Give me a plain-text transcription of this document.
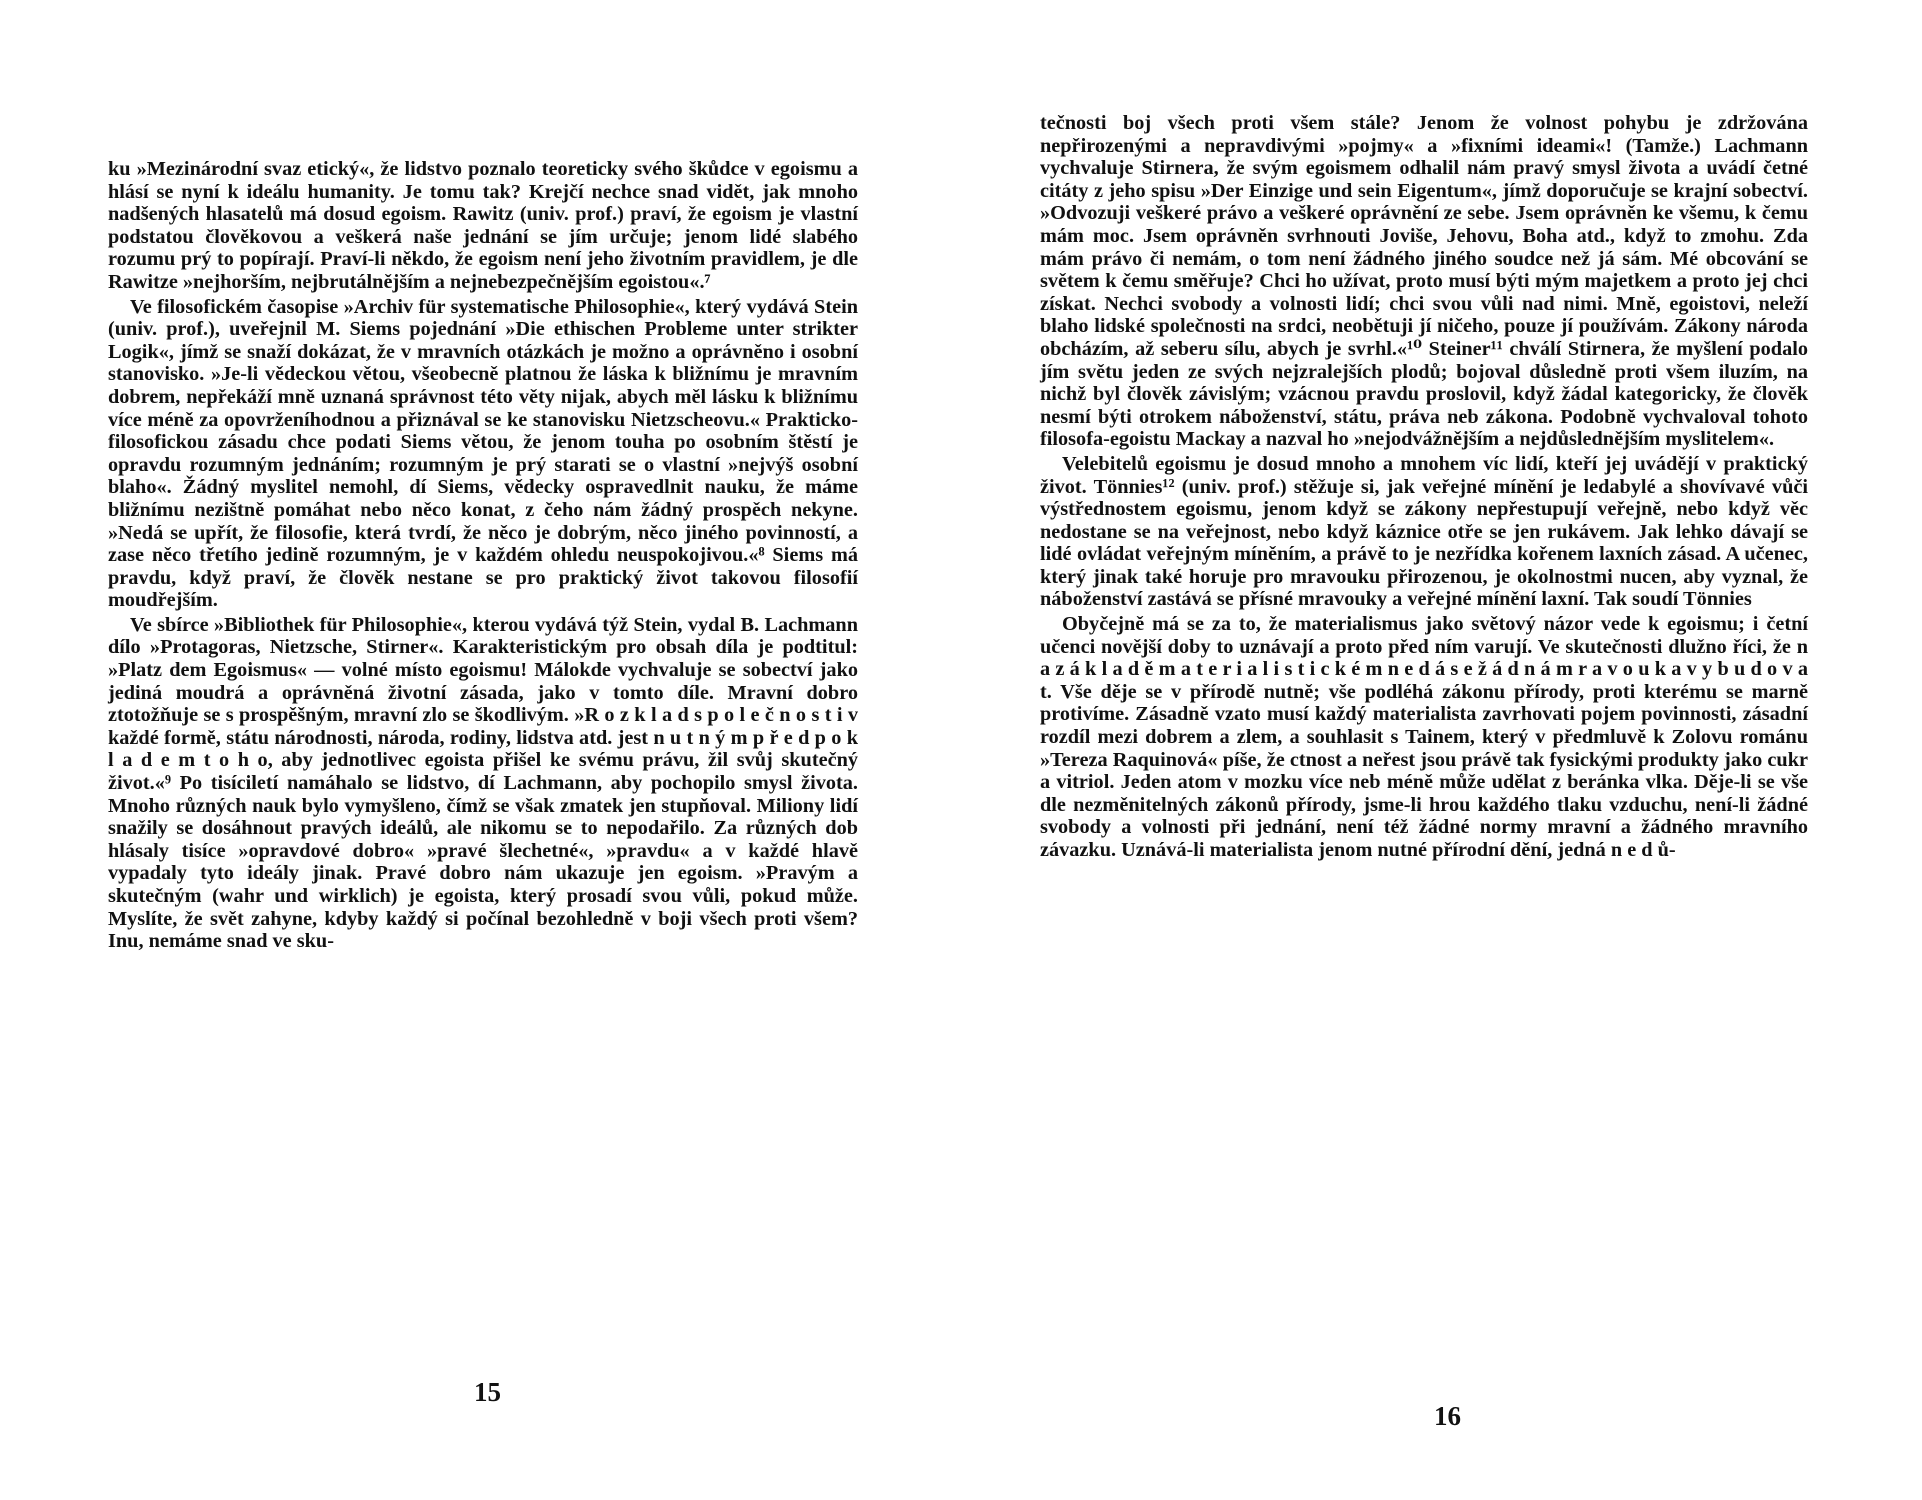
ku »Mezinárodní svaz etický«, že lidstvo poznalo teoreticky svého škůdce v egoismu a hlásí se nyní k ideálu humanity. Je tomu tak? Krejčí nechce snad vidět, jak mnoho nadšených hlasatelů má dosud egoism. Rawitz (univ. prof.) praví, že egoism je vlastní podstatou člověkovou a veškerá naše jednání se jím určuje; jenom lidé slabého rozumu prý to popírají. Praví-li někdo, že egoism není jeho životním pravidlem, je dle Rawitze »nejhorším, nejbrutálnějším a nejnebezpečnějším egoistou«.⁷

Ve filosofickém časopise »Archiv für systematische Philosophie«, který vydává Stein (univ. prof.), uveřejnil M. Siems pojednání »Die ethischen Probleme unter strikter Logik«, jímž se snaží dokázat, že v mravních otázkách je možno a oprávněno i osobní stanovisko. »Je-li vědeckou větou, všeobecně platnou že láska k bližnímu je mravním dobrem, nepřekáží mně uznaná správnost této věty nijak, abych měl lásku k bližnímu více méně za opovrženíhodnou a přiznával se ke stanovisku Nietzscheovu.« Prakticko-filosofickou zásadu chce podati Siems větou, že jenom touha po osobním štěstí je opravdu rozumným jednáním; rozumným je prý starati se o vlastní »nejvýš osobní blaho«. Žádný myslitel nemohl, dí Siems, vědecky ospravedlnit nauku, že máme bližnímu nezištně pomáhat nebo něco konat, z čeho nám žádný prospěch nekyne. »Nedá se upřít, že filosofie, která tvrdí, že něco je dobrým, něco jiného povinností, a zase něco třetího jedině rozumným, je v každém ohledu neuspokojivou.«⁸ Siems má pravdu, když praví, že člověk nestane se pro praktický život takovou filosofií moudřejším.

Ve sbírce »Bibliothek für Philosophie«, kterou vydává týž Stein, vydal B. Lachmann dílo »Protagoras, Nietzsche, Stirner«. Karakteristickým pro obsah díla je podtitul: »Platz dem Egoismus« — volné místo egoismu! Málokde vychvaluje se sobectví jako jediná moudrá a oprávněná životní zásada, jako v tomto díle. Mravní dobro ztotožňuje se s prospěšným, mravní zlo se škodlivým. »R o z k l a d s p o l e č n o s t i v každé formě, státu národnosti, národa, rodiny, lidstva atd. jest n u t n ý m p ř e d p o k l a d e m t o h o, aby jednotlivec egoista přišel ke svému právu, žil svůj skutečný život.«⁹ Po tisíciletí namáhalo se lidstvo, dí Lachmann, aby pochopilo smysl života. Mnoho různých nauk bylo vymyšleno, čímž se však zmatek jen stupňoval. Miliony lidí snažily se dosáhnout pravých ideálů, ale nikomu se to nepodařilo. Za různých dob hlásaly tisíce »opravdové dobro« »pravé šlechetné«, »pravdu« a v každé hlavě vypadaly tyto ideály jinak. Pravé dobro nám ukazuje jen egoism. »Pravým a skutečným (wahr und wirklich) je egoista, který prosadí svou vůli, pokud může. Myslíte, že svět zahyne, kdyby každý si počínal bezohledně v boji všech proti všem? Inu, nemáme snad ve sku-

15

tečnosti boj všech proti všem stále? Jenom že volnost pohybu je zdržována nepřirozenými a nepravdivými »pojmy« a »fixními ideami«! (Tamže.) Lachmann vychvaluje Stirnera, že svým egoismem odhalil nám pravý smysl života a uvádí četné citáty z jeho spisu »Der Einzige und sein Eigentum«, jímž doporučuje se krajní sobectví. »Odvozuji veškeré právo a veškeré oprávnění ze sebe. Jsem oprávněn ke všemu, k čemu mám moc. Jsem oprávněn svrhnouti Joviše, Jehovu, Boha atd., když to zmohu. Zda mám právo či nemám, o tom není žádného jiného soudce než já sám. Mé obcování se světem k čemu směřuje? Chci ho užívat, proto musí býti mým majetkem a proto jej chci získat. Nechci svobody a volnosti lidí; chci svou vůli nad nimi. Mně, egoistovi, neleží blaho lidské společnosti na srdci, neobětuji jí ničeho, pouze jí používám. Zákony národa obcházím, až seberu sílu, abych je svrhl.«¹⁰ Steiner¹¹ chválí Stirnera, že myšlení podalo jím světu jeden ze svých nejzralejších plodů; bojoval důsledně proti všem iluzím, na nichž byl člověk závislým; vzácnou pravdu proslovil, když žádal kategoricky, že člověk nesmí býti otrokem náboženství, státu, práva neb zákona. Podobně vychvaloval tohoto filosofa-egoistu Mackay a nazval ho »nejodvážnějším a nejdůslednějším myslitelem«.

Velebitelů egoismu je dosud mnoho a mnohem víc lidí, kteří jej uvádějí v praktický život. Tönnies¹² (univ. prof.) stěžuje si, jak veřejné mínění je ledabylé a shovívavé vůči výstřednostem egoismu, jenom když se zákony nepřestupují veřejně, nebo když věc nedostane se na veřejnost, nebo když káznice otře se jen rukávem. Jak lehko dávají se lidé ovládat veřejným míněním, a právě to je nezřídka kořenem laxních zásad. A učenec, který jinak také horuje pro mravouku přirozenou, je okolnostmi nucen, aby vyznal, že náboženství zastává se přísné mravouky a veřejné mínění laxní. Tak soudí Tönnies

Obyčejně má se za to, že materialismus jako světový názor vede k egoismu; i četní učenci novější doby to uznávají a proto před ním varují. Ve skutečnosti dlužno říci, že n a z á k l a d ě m a t e r i a l i s t i c k é m n e d á s e ž á d n á m r a v o u k a v y b u d o v a t. Vše děje se v přírodě nutně; vše podléhá zákonu přírody, proti kterému se marně protivíme. Zásadně vzato musí každý materialista zavrhovati pojem povinnosti, zásadní rozdíl mezi dobrem a zlem, a souhlasit s Tainem, který v předmluvě k Zolovu románu »Tereza Raquinová« píše, že ctnost a neřest jsou právě tak fysickými produkty jako cukr a vitriol. Jeden atom v mozku více neb méně může udělat z beránka vlka. Děje-li se vše dle nezměnitelných zákonů přírody, jsme-li hrou každého tlaku vzduchu, není-li žádné svobody a volnosti při jednání, není též žádné normy mravní a žádného mravního závazku. Uznává-li materialista jenom nutné přírodní dění, jedná n e d ů-

16
